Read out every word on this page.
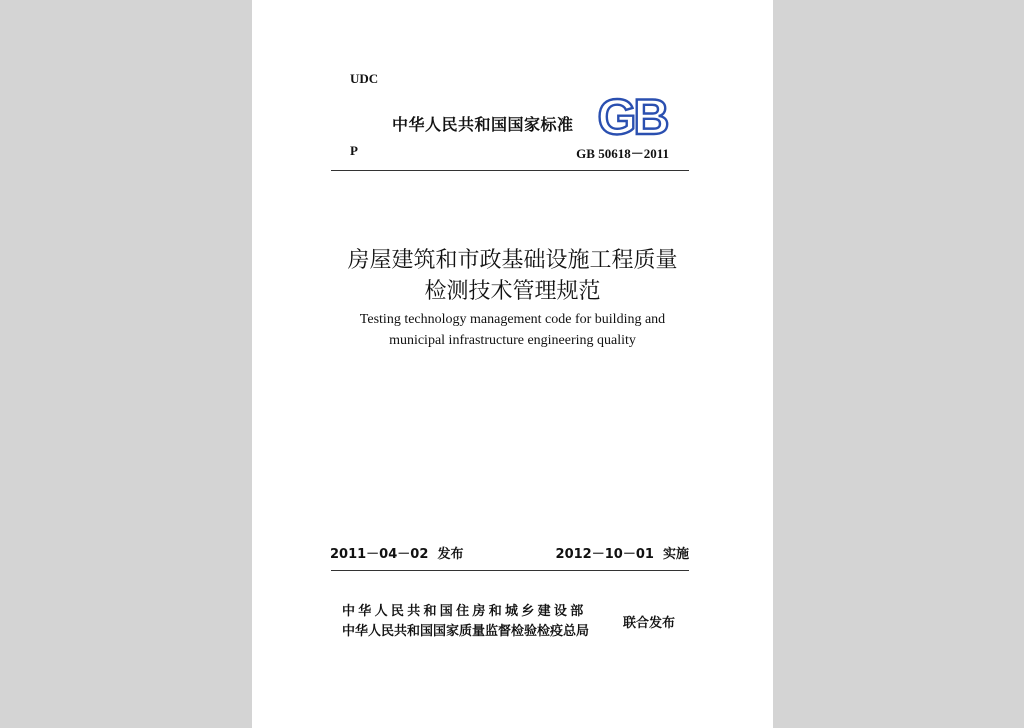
UDC
中华人民共和国国家标准 GB
P	GB 50618－2011
房屋建筑和市政基础设施工程质量
检测技术管理规范
Testing technology management code for building and
municipal infrastructure engineering quality
2011－04－02 发布	2012－10－01 实施
中华人民共和国住房和城乡建设部
中华人民共和国国家质量监督检验检疫总局
联合发布
